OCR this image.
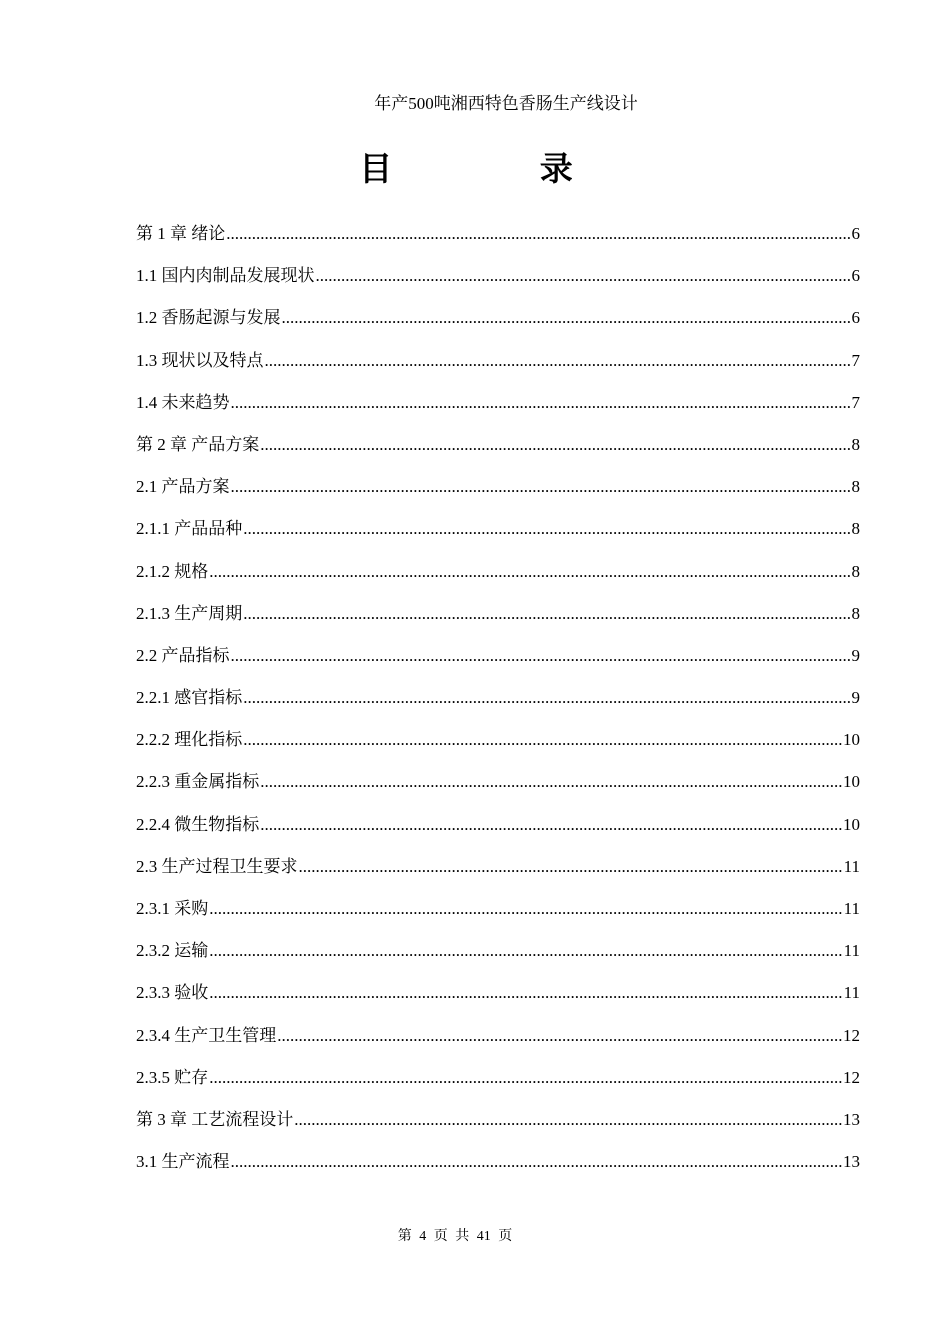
年产500吨湘西特色香肠生产线设计
目 录
第 1 章 绪论 .....	6
1.1 国内肉制品发展现状 .....	6
1.2 香肠起源与发展 .....	6
1.3 现状以及特点 .....	7
1.4 未来趋势 .....	7
第 2 章 产品方案 .....	8
2.1 产品方案 .....	8
2.1.1 产品品种 .....	8
2.1.2 规格 .....	8
2.1.3 生产周期 .....	8
2.2 产品指标 .....	9
2.2.1 感官指标 .....	9
2.2.2 理化指标 .....	10
2.2.3 重金属指标 .....	10
2.2.4 微生物指标 .....	10
2.3 生产过程卫生要求 .....	11
2.3.1 采购 .....	11
2.3.2 运输 .....	11
2.3.3 验收 .....	11
2.3.4 生产卫生管理 .....	12
2.3.5 贮存 .....	12
第 3 章 工艺流程设计 .....	13
3.1 生产流程 .....	13
第 4 页 共 41 页
